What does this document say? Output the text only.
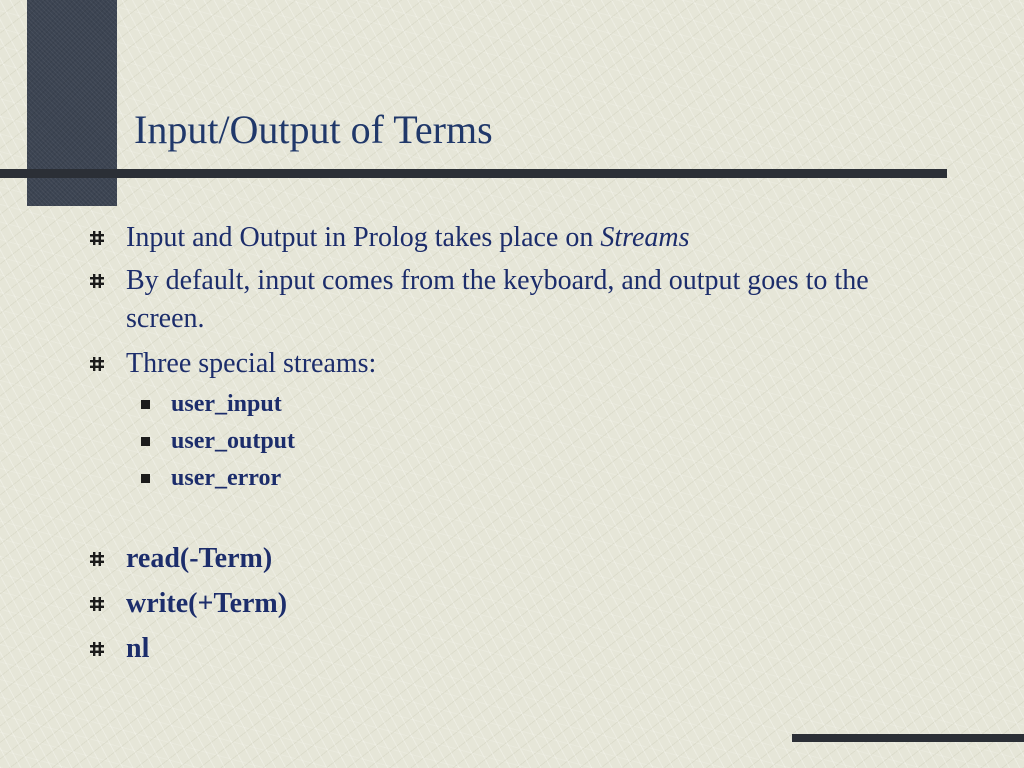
Input/Output of Terms
Input and Output in Prolog takes place on Streams
By default, input comes from the keyboard, and output goes to the screen.
Three special streams:
user_input
user_output
user_error
read(-Term)
write(+Term)
nl
